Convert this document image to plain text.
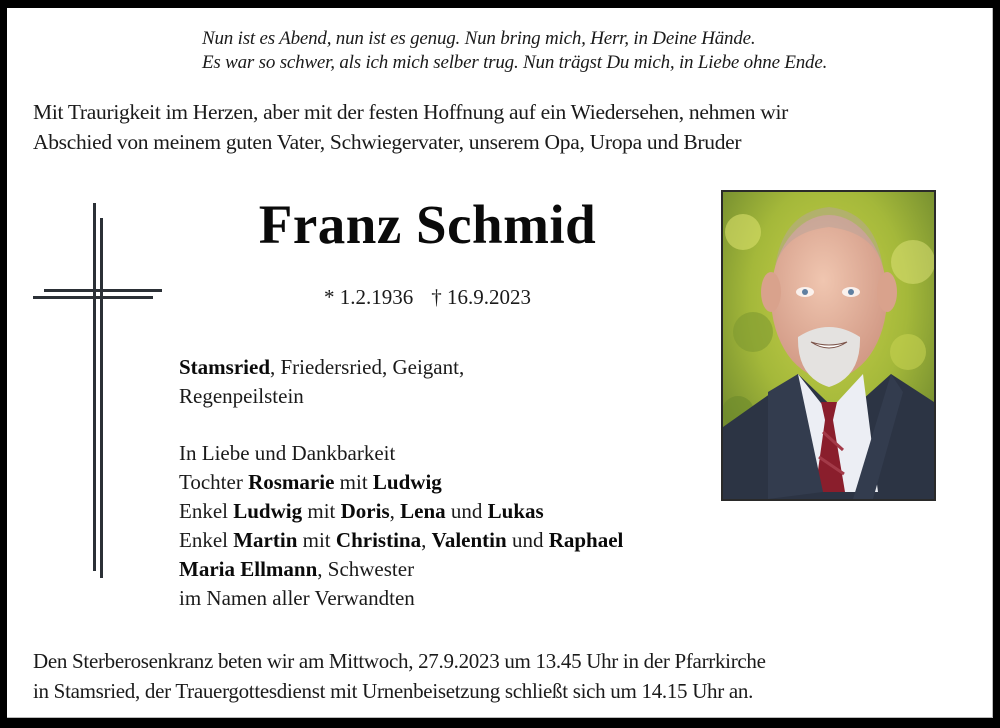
Nun ist es Abend, nun ist es genug. Nun bring mich, Herr, in Deine Hände.
Es war so schwer, als ich mich selber trug. Nun trägst Du mich, in Liebe ohne Ende.
Mit Traurigkeit im Herzen, aber mit der festen Hoffnung auf ein Wiedersehen, nehmen wir
Abschied von meinem guten Vater, Schwiegervater, unserem Opa, Uropa und Bruder
Franz Schmid
* 1.2.1936 † 16.9.2023
Stamsried, Friedersried, Geigant,
Regenpeilstein
In Liebe und Dankbarkeit
Tochter Rosmarie mit Ludwig
Enkel Ludwig mit Doris, Lena und Lukas
Enkel Martin mit Christina, Valentin und Raphael
Maria Ellmann, Schwester
im Namen aller Verwandten
Den Sterberosenkranz beten wir am Mittwoch, 27.9.2023 um 13.45 Uhr in der Pfarrkirche
in Stamsried, der Trauergottesdienst mit Urnenbeisetzung schließt sich um 14.15 Uhr an.
